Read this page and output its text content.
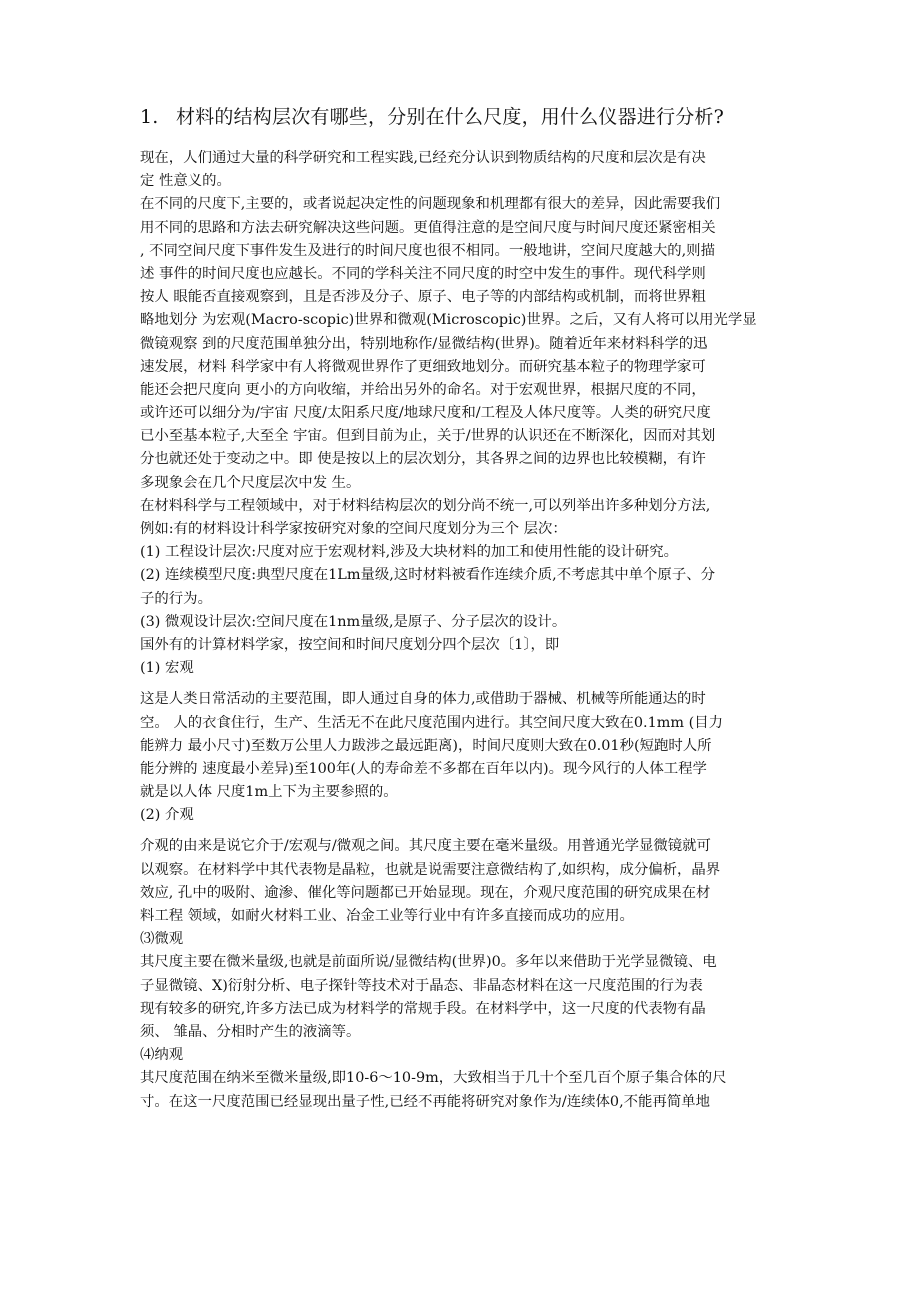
1. 材料的结构层次有哪些，分别在什么尺度，用什么仪器进行分析?
现在，人们通过大量的科学研究和工程实践,已经充分认识到物质结构的尺度和层次是有决
定 性意义的。
在不同的尺度下,主要的，或者说起决定性的问题现象和机理都有很大的差异，因此需要我们
用不同的思路和方法去研究解决这些问题。更值得注意的是空间尺度与时间尺度还紧密相关
, 不同空间尺度下事件发生及进行的时间尺度也很不相同。一般地讲，空间尺度越大的,则描
述 事件的时间尺度也应越长。不同的学科关注不同尺度的时空中发生的事件。现代科学则
按人 眼能否直接观察到，且是否涉及分子、原子、电子等的内部结构或机制，而将世界粗
略地划分 为宏观(Macro-scopic)世界和微观(Microscopic)世界。之后，又有人将可以用光学显
微镜观察 到的尺度范围单独分出，特别地称作/显微结构(世界)。随着近年来材料科学的迅
速发展，材料 科学家中有人将微观世界作了更细致地划分。而研究基本粒子的物理学家可
能还会把尺度向 更小的方向收缩，并给出另外的命名。对于宏观世界，根据尺度的不同，
或许还可以细分为/宇宙 尺度/太阳系尺度/地球尺度和/工程及人体尺度等。人类的研究尺度
已小至基本粒子,大至全 宇宙。但到目前为止，关于/世界的认识还在不断深化，因而对其划
分也就还处于变动之中。即 使是按以上的层次划分，其各界之间的边界也比较模糊，有许
多现象会在几个尺度层次中发 生。
在材料科学与工程领域中，对于材料结构层次的划分尚不统一,可以列举出许多种划分方法,
例如:有的材料设计科学家按研究对象的空间尺度划分为三个 层次：
(1) 工程设计层次:尺度对应于宏观材料,涉及大块材料的加工和使用性能的设计研究。
(2) 连续模型尺度:典型尺度在1Lm量级,这时材料被看作连续介质,不考虑其中单个原子、分
子的行为。
(3) 微观设计层次:空间尺度在1nm量级,是原子、分子层次的设计。
国外有的计算材料学家，按空间和时间尺度划分四个层次〔1〕，即
(1) 宏观
这是人类日常活动的主要范围，即人通过自身的体力,或借助于器械、机械等所能通达的时
空。 人的衣食住行，生产、生活无不在此尺度范围内进行。其空间尺度大致在0.1mm (目力
能辨力 最小尺寸)至数万公里人力跋涉之最远距离)，时间尺度则大致在0.01秒(短跑时人所
能分辨的 速度最小差异)至100年(人的寿命差不多都在百年以内)。现今风行的人体工程学
就是以人体 尺度1m上下为主要参照的。
(2) 介观
介观的由来是说它介于/宏观与/微观之间。其尺度主要在毫米量级。用普通光学显微镜就可
以观察。在材料学中其代表物是晶粒，也就是说需要注意微结构了,如织构，成分偏析，晶界
效应, 孔中的吸附、逾渗、催化等问题都已开始显现。现在，介观尺度范围的研究成果在材
料工程 领域，如耐火材料工业、冶金工业等行业中有许多直接而成功的应用。
⑶微观
其尺度主要在微米量级,也就是前面所说/显微结构(世界)0。多年以来借助于光学显微镜、电
子显微镜、X)衍射分析、电子探针等技术对于晶态、非晶态材料在这一尺度范围的行为表
现有较多的研究,许多方法已成为材料学的常规手段。在材料学中，这一尺度的代表物有晶
须、 雏晶、分相时产生的液滴等。
⑷纳观
其尺度范围在纳米至微米量级,即10-6～10-9m，大致相当于几十个至几百个原子集合体的尺
寸。在这一尺度范围已经显现出量子性,已经不再能将研究对象作为/连续体0,不能再简单地
